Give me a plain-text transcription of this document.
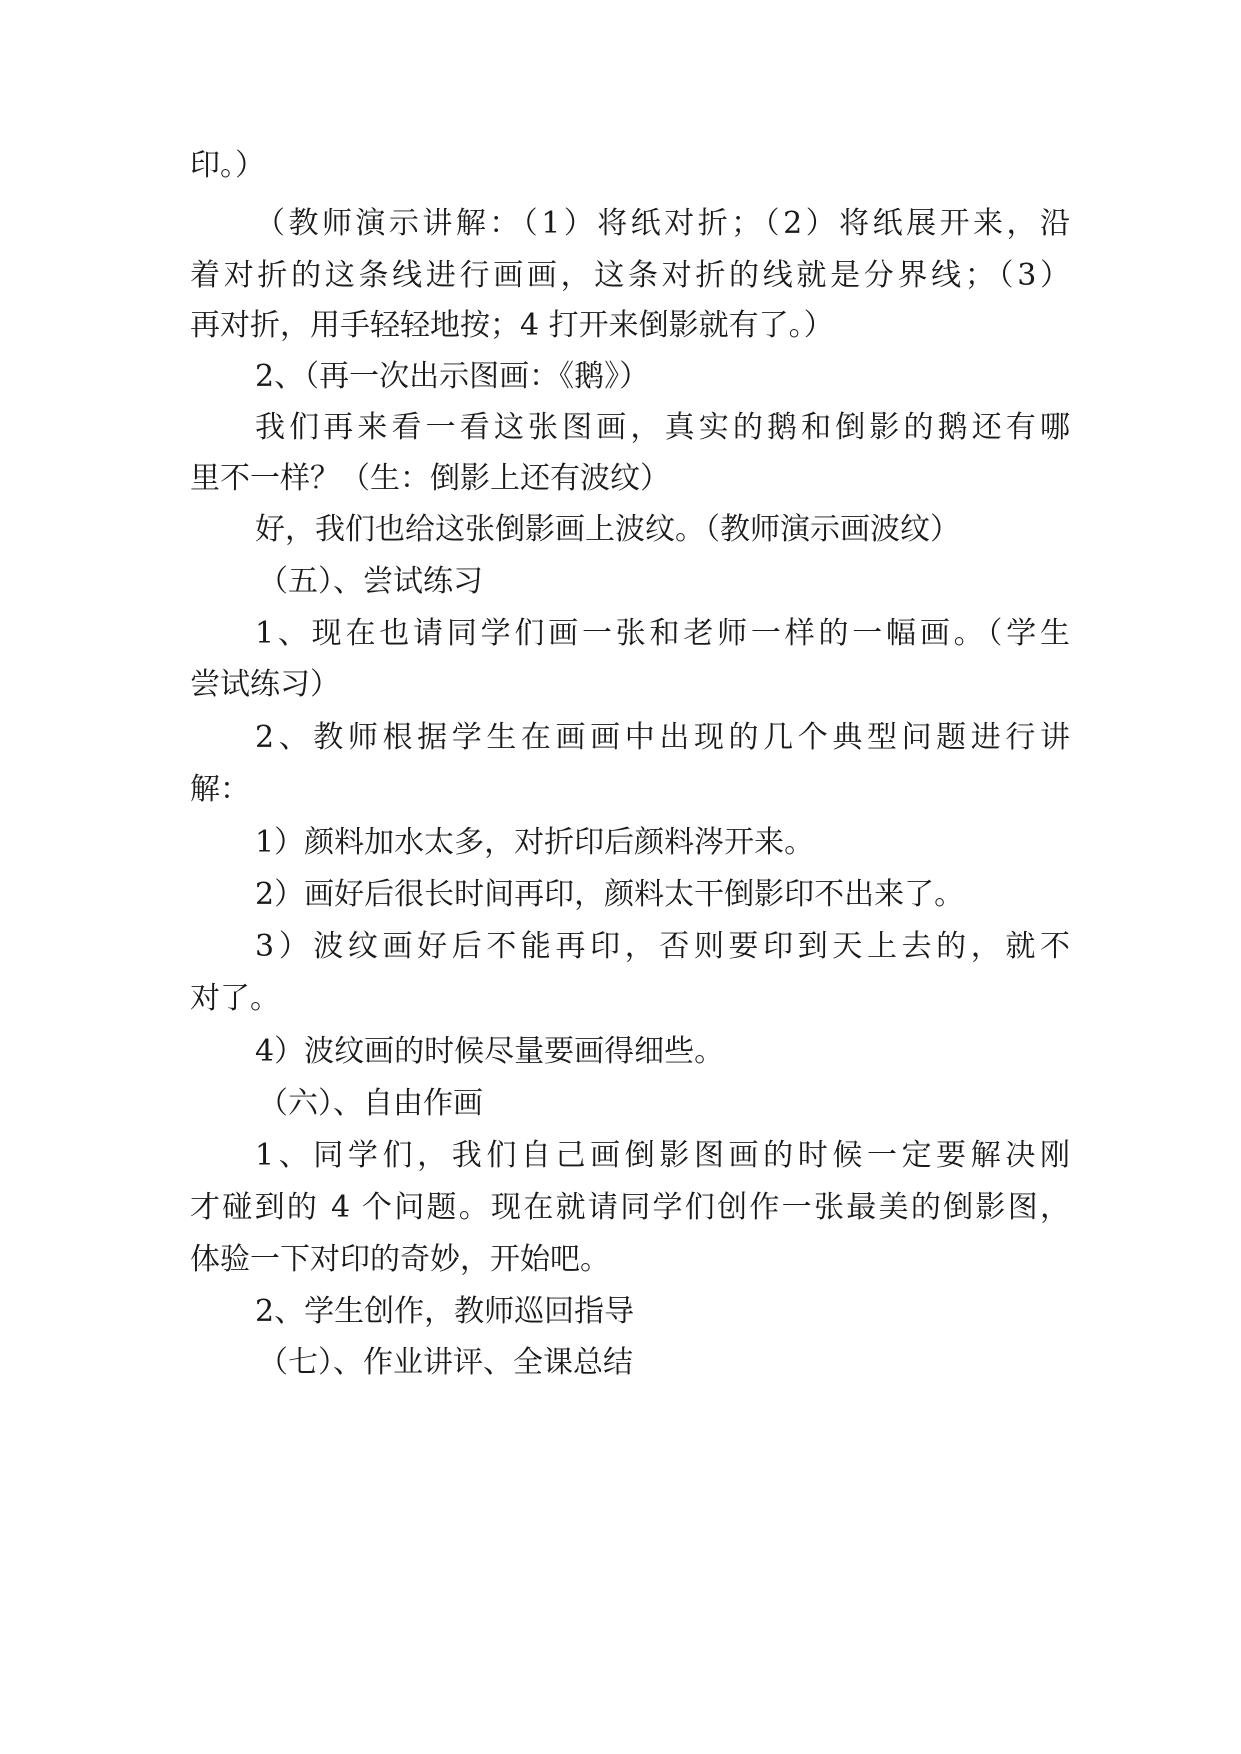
印。）
（教师演示讲解：（1）将纸对折；（2）将纸展开来，沿
着对折的这条线进行画画，这条对折的线就是分界线；（3）
再对折，用手轻轻地按；4 打开来倒影就有了。）
2、（再一次出示图画：《鹅》）
我们再来看一看这张图画，真实的鹅和倒影的鹅还有哪
里不一样？（生：倒影上还有波纹）
好，我们也给这张倒影画上波纹。（教师演示画波纹）
（五）、尝试练习
1、现在也请同学们画一张和老师一样的一幅画。（学生
尝试练习）
2、教师根据学生在画画中出现的几个典型问题进行讲
解：
1）颜料加水太多，对折印后颜料涔开来。
2）画好后很长时间再印，颜料太干倒影印不出来了。
3）波纹画好后不能再印，否则要印到天上去的，就不
对了。
4）波纹画的时候尽量要画得细些。
（六）、自由作画
1、同学们，我们自己画倒影图画的时候一定要解决刚
才碰到的 4 个问题。现在就请同学们创作一张最美的倒影图，
体验一下对印的奇妙，开始吧。
2、学生创作，教师巡回指导
（七）、作业讲评、全课总结
